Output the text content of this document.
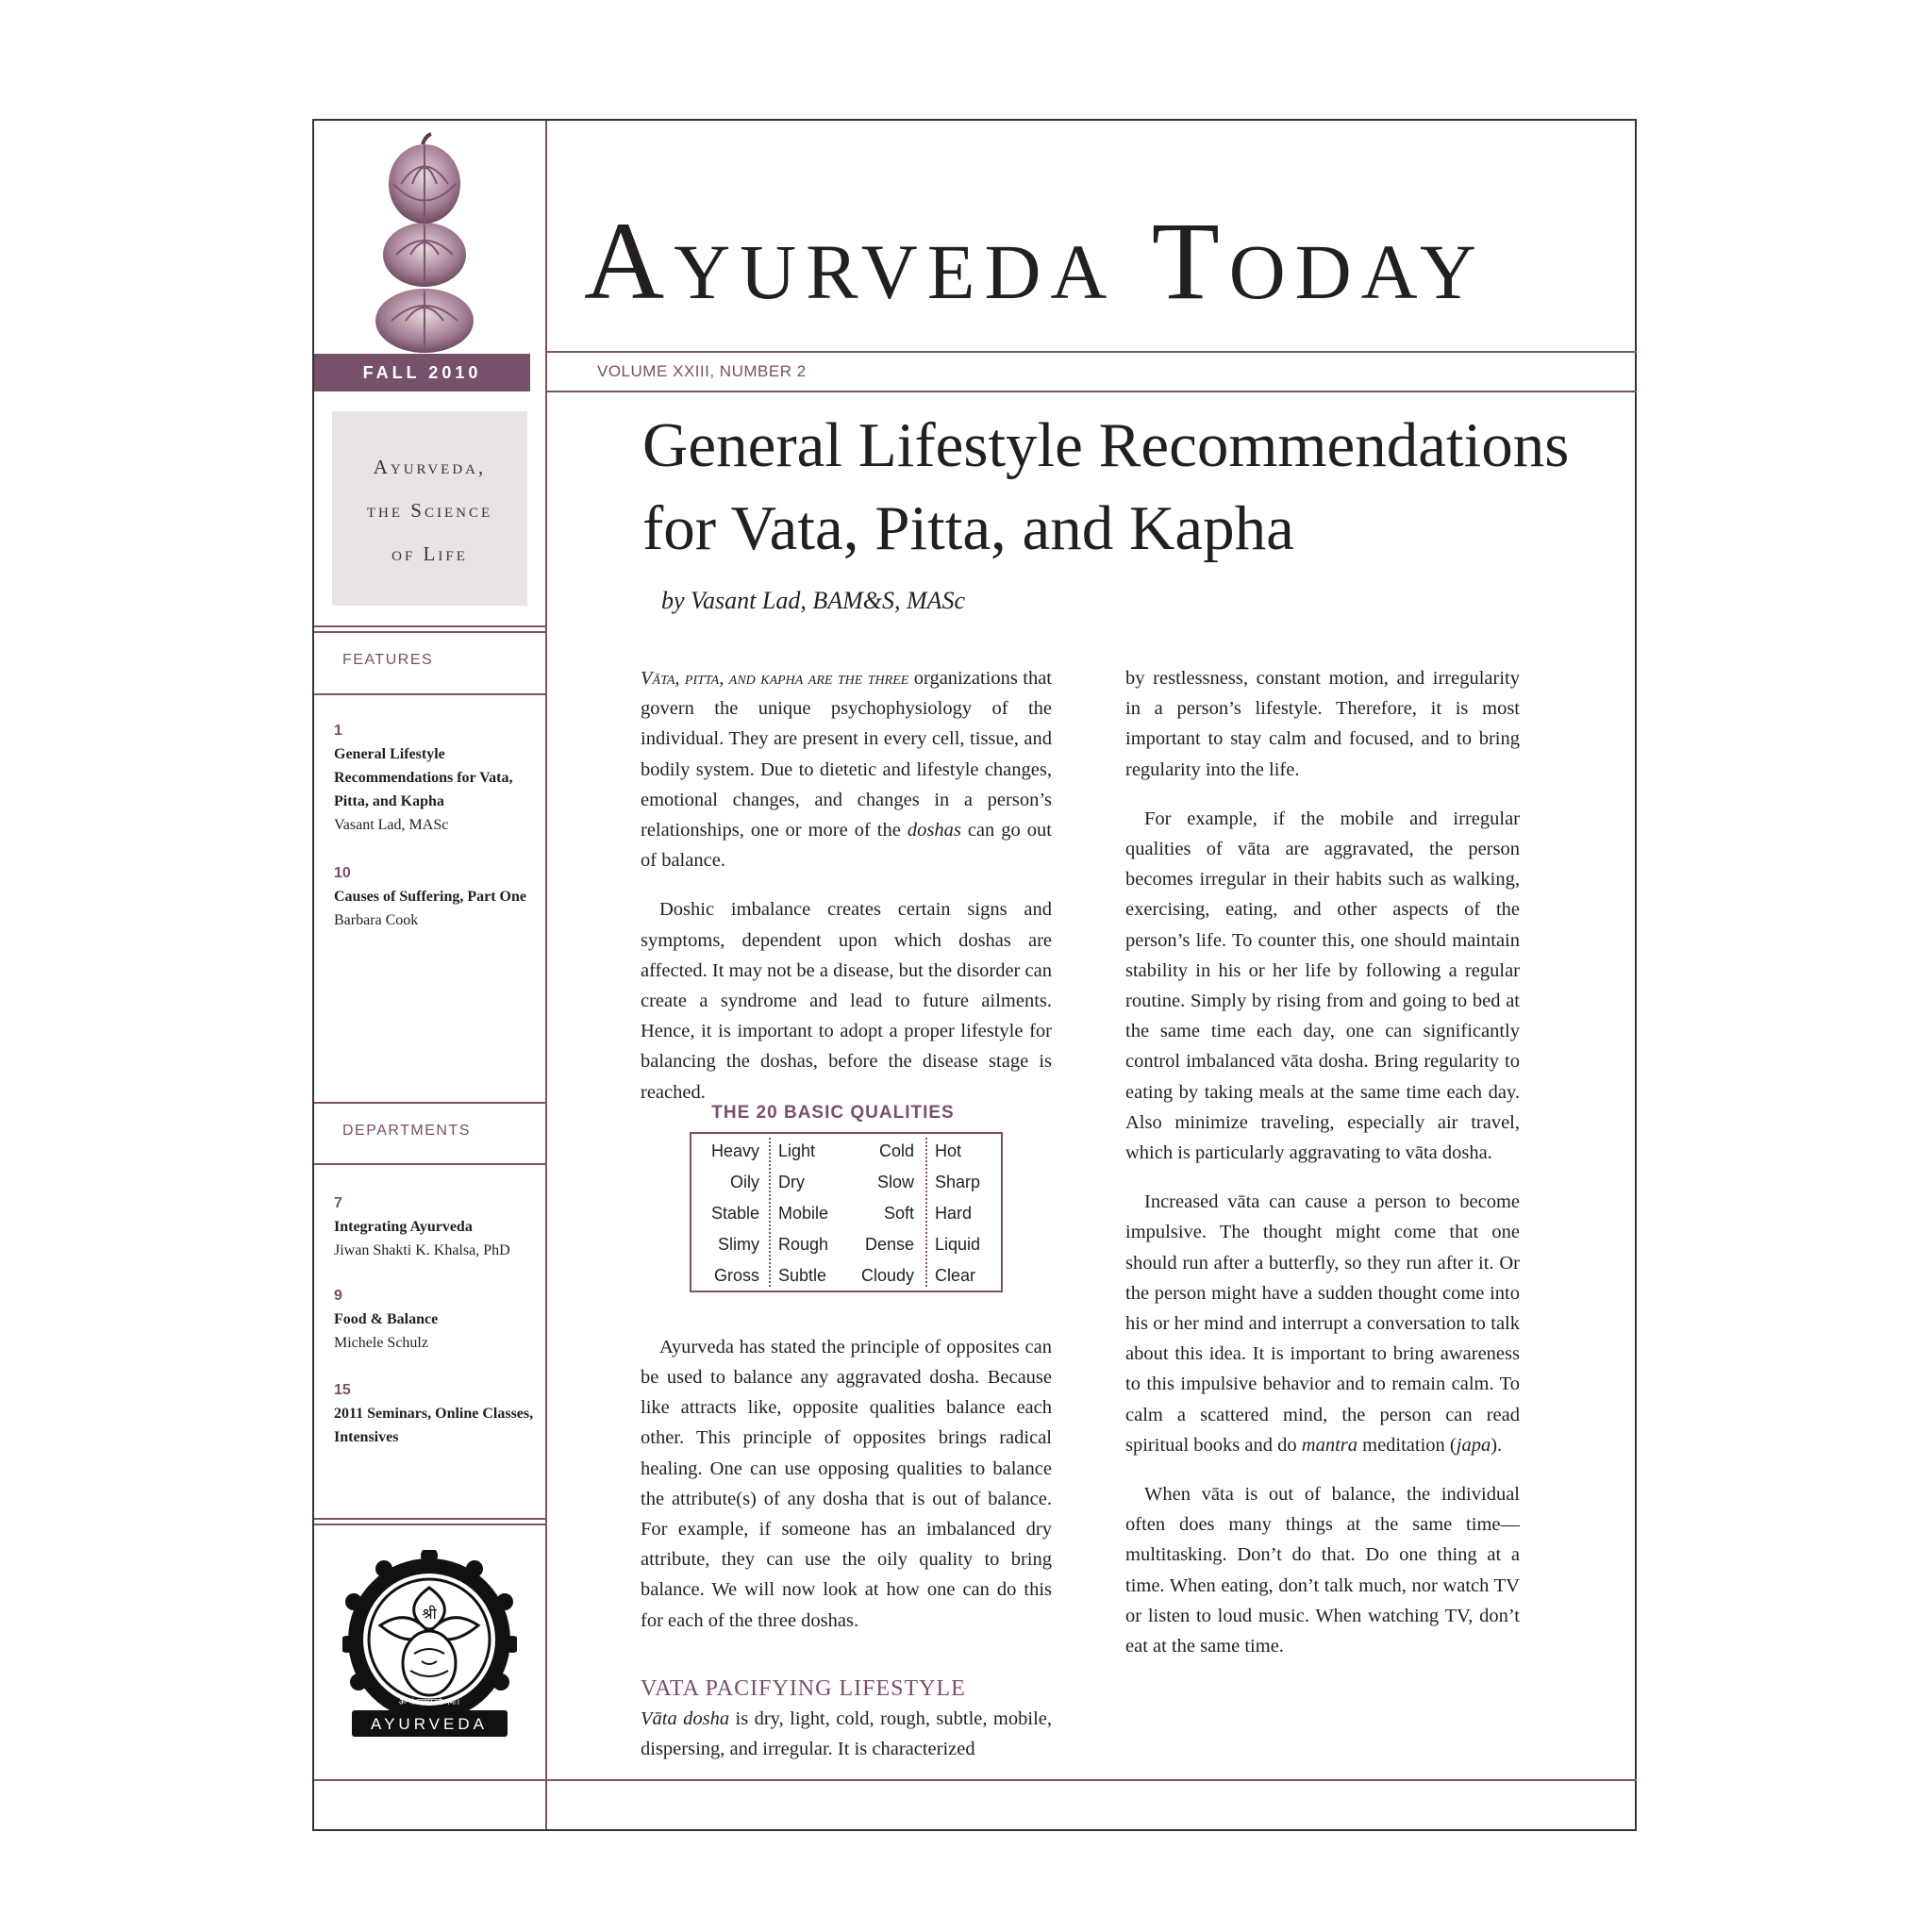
Ayurveda Today
FALL 2010	VOLUME XXIII, NUMBER 2
Ayurveda,
the Science
of Life
FEATURES
1
General Lifestyle Recommendations for Vata, Pitta, and Kapha
Vasant Lad, MASc
10
Causes of Suffering, Part One
Barbara Cook
DEPARTMENTS
7
Integrating Ayurveda
Jiwan Shakti K. Khalsa, PhD
9
Food & Balance
Michele Schulz
15
2011 Seminars, Online Classes, Intensives
श्री
ॐ गं गणपतये नमः।
AYURVEDA
General Lifestyle Recommendations for Vata, Pitta, and Kapha
by Vasant Lad, BAM&S, MASc

Vāta, pitta, and kapha are the three organizations that govern the unique psychophysiology of the individual. They are present in every cell, tissue, and bodily system. Due to dietetic and lifestyle changes, emotional changes, and changes in a person’s relationships, one or more of the doshas can go out of balance.

Doshic imbalance creates certain signs and symptoms, dependent upon which doshas are affected. It may not be a disease, but the disorder can create a syndrome and lead to future ailments. Hence, it is important to adopt a proper lifestyle for balancing the doshas, before the disease stage is reached.

Ayurveda has stated the principle of opposites can be used to balance any aggravated dosha. Because like attracts like, opposite qualities balance each other. This principle of opposites brings radical healing. One can use opposing qualities to balance the attribute(s) of any dosha that is out of balance. For example, if someone has an imbalanced dry attribute, they can use the oily quality to bring balance. We will now look at how one can do this for each of the three doshas.

VATA PACIFYING LIFESTYLE

Vāta dosha is dry, light, cold, rough, subtle, mobile, dispersing, and irregular. It is characterized

THE 20 BASIC QUALITIES
Heavy Light	Cold Hot
Oily Dry	Slow Sharp
Stable Mobile	Soft Hard
Slimy Rough Dense Liquid
Gross Subtle Cloudy Clear

by restlessness, constant motion, and irregularity in a person’s lifestyle. Therefore, it is most important to stay calm and focused, and to bring regularity into the life.

For example, if the mobile and irregular qualities of vāta are aggravated, the person becomes irregular in their habits such as walking, exercising, eating, and other aspects of the person’s life. To counter this, one should maintain stability in his or her life by following a regular routine. Simply by rising from and going to bed at the same time each day, one can significantly control imbalanced vāta dosha. Bring regularity to eating by taking meals at the same time each day. Also minimize traveling, especially air travel, which is particularly aggravating to vāta dosha.

Increased vāta can cause a person to become impulsive. The thought might come that one should run after a butterfly, so they run after it. Or the person might have a sudden thought come into his or her mind and interrupt a conversation to talk about this idea. It is important to bring awareness to this impulsive behavior and to remain calm. To calm a scattered mind, the person can read spiritual books and do mantra meditation (japa).

When vāta is out of balance, the individual often does many things at the same time—multitasking. Don’t do that. Do one thing at a time. When eating, don’t talk much, nor watch TV or listen to loud music. When watching TV, don’t eat at the same time.
